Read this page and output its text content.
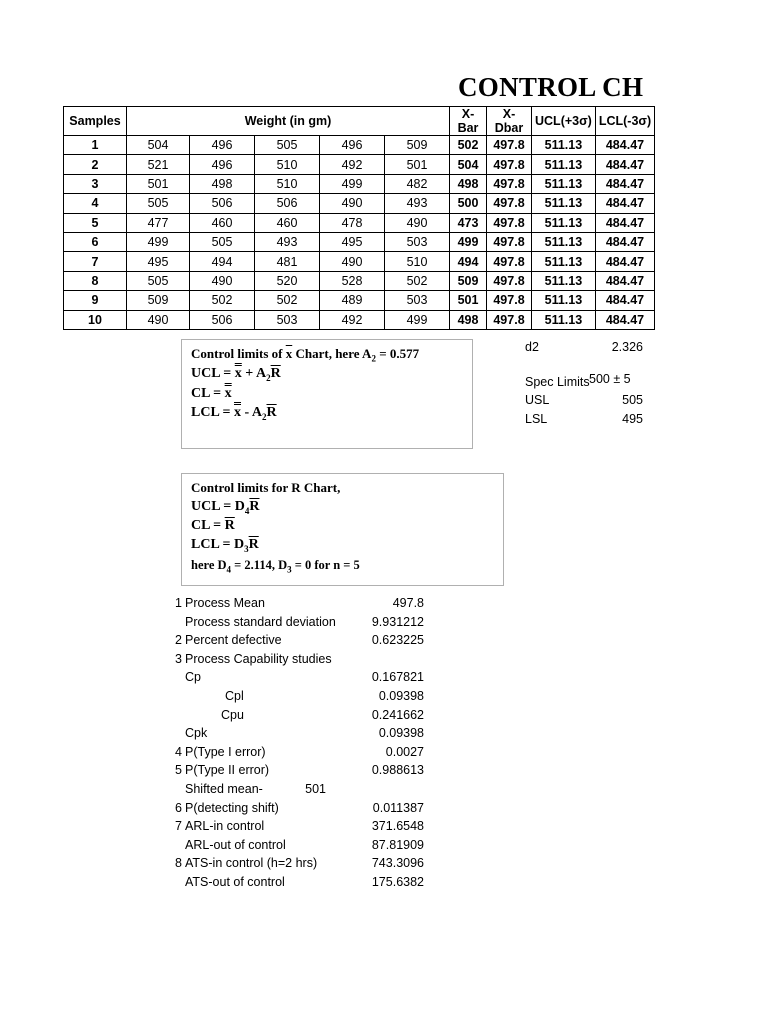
CONTROL CH
Samples	Weight (in gm)					X-Bar	X-Dbar	UCL(+3σ)	LCL(-3σ)
1	504	496	505	496	509	502	497.8	511.13	484.47
2	521	496	510	492	501	504	497.8	511.13	484.47
3	501	498	510	499	482	498	497.8	511.13	484.47
4	505	506	506	490	493	500	497.8	511.13	484.47
5	477	460	460	478	490	473	497.8	511.13	484.47
6	499	505	493	495	503	499	497.8	511.13	484.47
7	495	494	481	490	510	494	497.8	511.13	484.47
8	505	490	520	528	502	509	497.8	511.13	484.47
9	509	502	502	489	503	501	497.8	511.13	484.47
10	490	506	503	492	499	498	497.8	511.13	484.47
Control limits of $\overline{x}$ Chart, here $A_2 = 0.577$
UCL = $x + A_2\overline{R}$
CL = x
LCL = x - $A_2\overline{R}$
Control limits for R Chart,
UCL = $D_4\overline{R}$
CL = $\overline{R}$
LCL = $D_3\overline{R}$
here $D_4 = 2.114$, $D_3 = 0$ for n = 5
d2	2.326
Spec Limits 500 ± 5
USL	505
LSL	495
1 Process Mean	497.8
Process standard deviation	9.931212
2 Percent defective	0.623225
3 Process Capability studies
Cp	0.167821
Cpl	0.09398
Cpu	0.241662
Cpk	0.09398
4 P(Type I error)	0.0027
5 P(Type II error)	0.988613
Shifted mean-	501
6 P(detecting shift)	0.011387
7 ARL-in control	371.6548
ARL-out of control	87.81909
8 ATS-in control (h=2 hrs)	743.3096
ATS-out of control	175.6382
